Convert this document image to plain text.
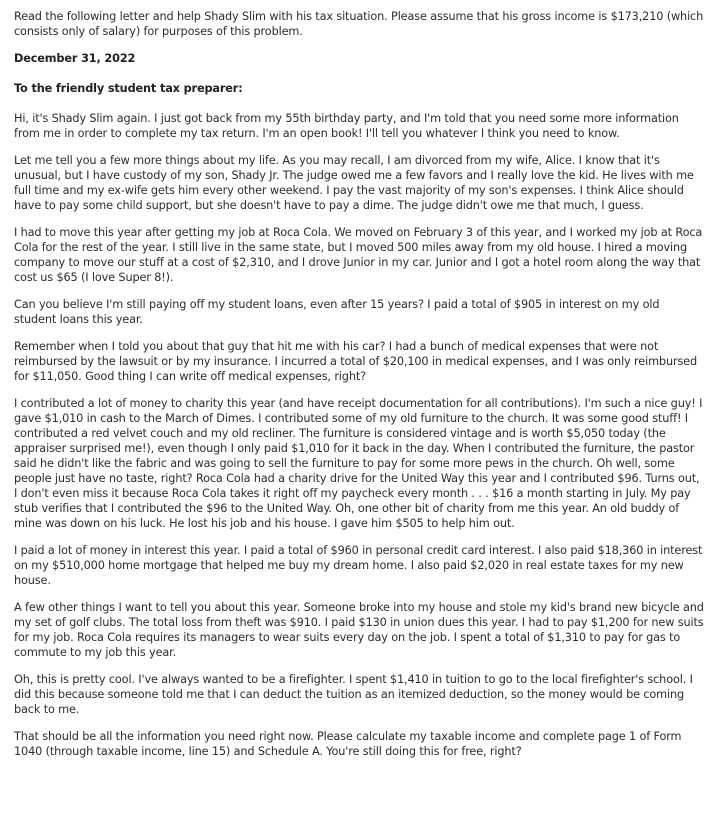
Read the following letter and help Shady Slim with his tax situation. Please assume that his gross income is $173,210 (which consists only of salary) for purposes of this problem.

December 31, 2022

To the friendly student tax preparer:

Hi, it's Shady Slim again. I just got back from my 55th birthday party, and I'm told that you need some more information from me in order to complete my tax return. I'm an open book! I'll tell you whatever I think you need to know.

Let me tell you a few more things about my life. As you may recall, I am divorced from my wife, Alice. I know that it's unusual, but I have custody of my son, Shady Jr. The judge owed me a few favors and I really love the kid. He lives with me full time and my ex-wife gets him every other weekend. I pay the vast majority of my son's expenses. I think Alice should have to pay some child support, but she doesn't have to pay a dime. The judge didn't owe me that much, I guess.

I had to move this year after getting my job at Roca Cola. We moved on February 3 of this year, and I worked my job at Roca Cola for the rest of the year. I still live in the same state, but I moved 500 miles away from my old house. I hired a moving company to move our stuff at a cost of $2,310, and I drove Junior in my car. Junior and I got a hotel room along the way that cost us $65 (I love Super 8!).

Can you believe I'm still paying off my student loans, even after 15 years? I paid a total of $905 in interest on my old student loans this year.

Remember when I told you about that guy that hit me with his car? I had a bunch of medical expenses that were not reimbursed by the lawsuit or by my insurance. I incurred a total of $20,100 in medical expenses, and I was only reimbursed for $11,050. Good thing I can write off medical expenses, right?

I contributed a lot of money to charity this year (and have receipt documentation for all contributions). I'm such a nice guy! I gave $1,010 in cash to the March of Dimes. I contributed some of my old furniture to the church. It was some good stuff! I contributed a red velvet couch and my old recliner. The furniture is considered vintage and is worth $5,050 today (the appraiser surprised me!), even though I only paid $1,010 for it back in the day. When I contributed the furniture, the pastor said he didn't like the fabric and was going to sell the furniture to pay for some more pews in the church. Oh well, some people just have no taste, right? Roca Cola had a charity drive for the United Way this year and I contributed $96. Turns out, I don't even miss it because Roca Cola takes it right off my paycheck every month . . . $16 a month starting in July. My pay stub verifies that I contributed the $96 to the United Way. Oh, one other bit of charity from me this year. An old buddy of mine was down on his luck. He lost his job and his house. I gave him $505 to help him out.

I paid a lot of money in interest this year. I paid a total of $960 in personal credit card interest. I also paid $18,360 in interest on my $510,000 home mortgage that helped me buy my dream home. I also paid $2,020 in real estate taxes for my new house.

A few other things I want to tell you about this year. Someone broke into my house and stole my kid's brand new bicycle and my set of golf clubs. The total loss from theft was $910. I paid $130 in union dues this year. I had to pay $1,200 for new suits for my job. Roca Cola requires its managers to wear suits every day on the job. I spent a total of $1,310 to pay for gas to commute to my job this year.

Oh, this is pretty cool. I've always wanted to be a firefighter. I spent $1,410 in tuition to go to the local firefighter's school. I did this because someone told me that I can deduct the tuition as an itemized deduction, so the money would be coming back to me.

That should be all the information you need right now. Please calculate my taxable income and complete page 1 of Form 1040 (through taxable income, line 15) and Schedule A. You're still doing this for free, right?
